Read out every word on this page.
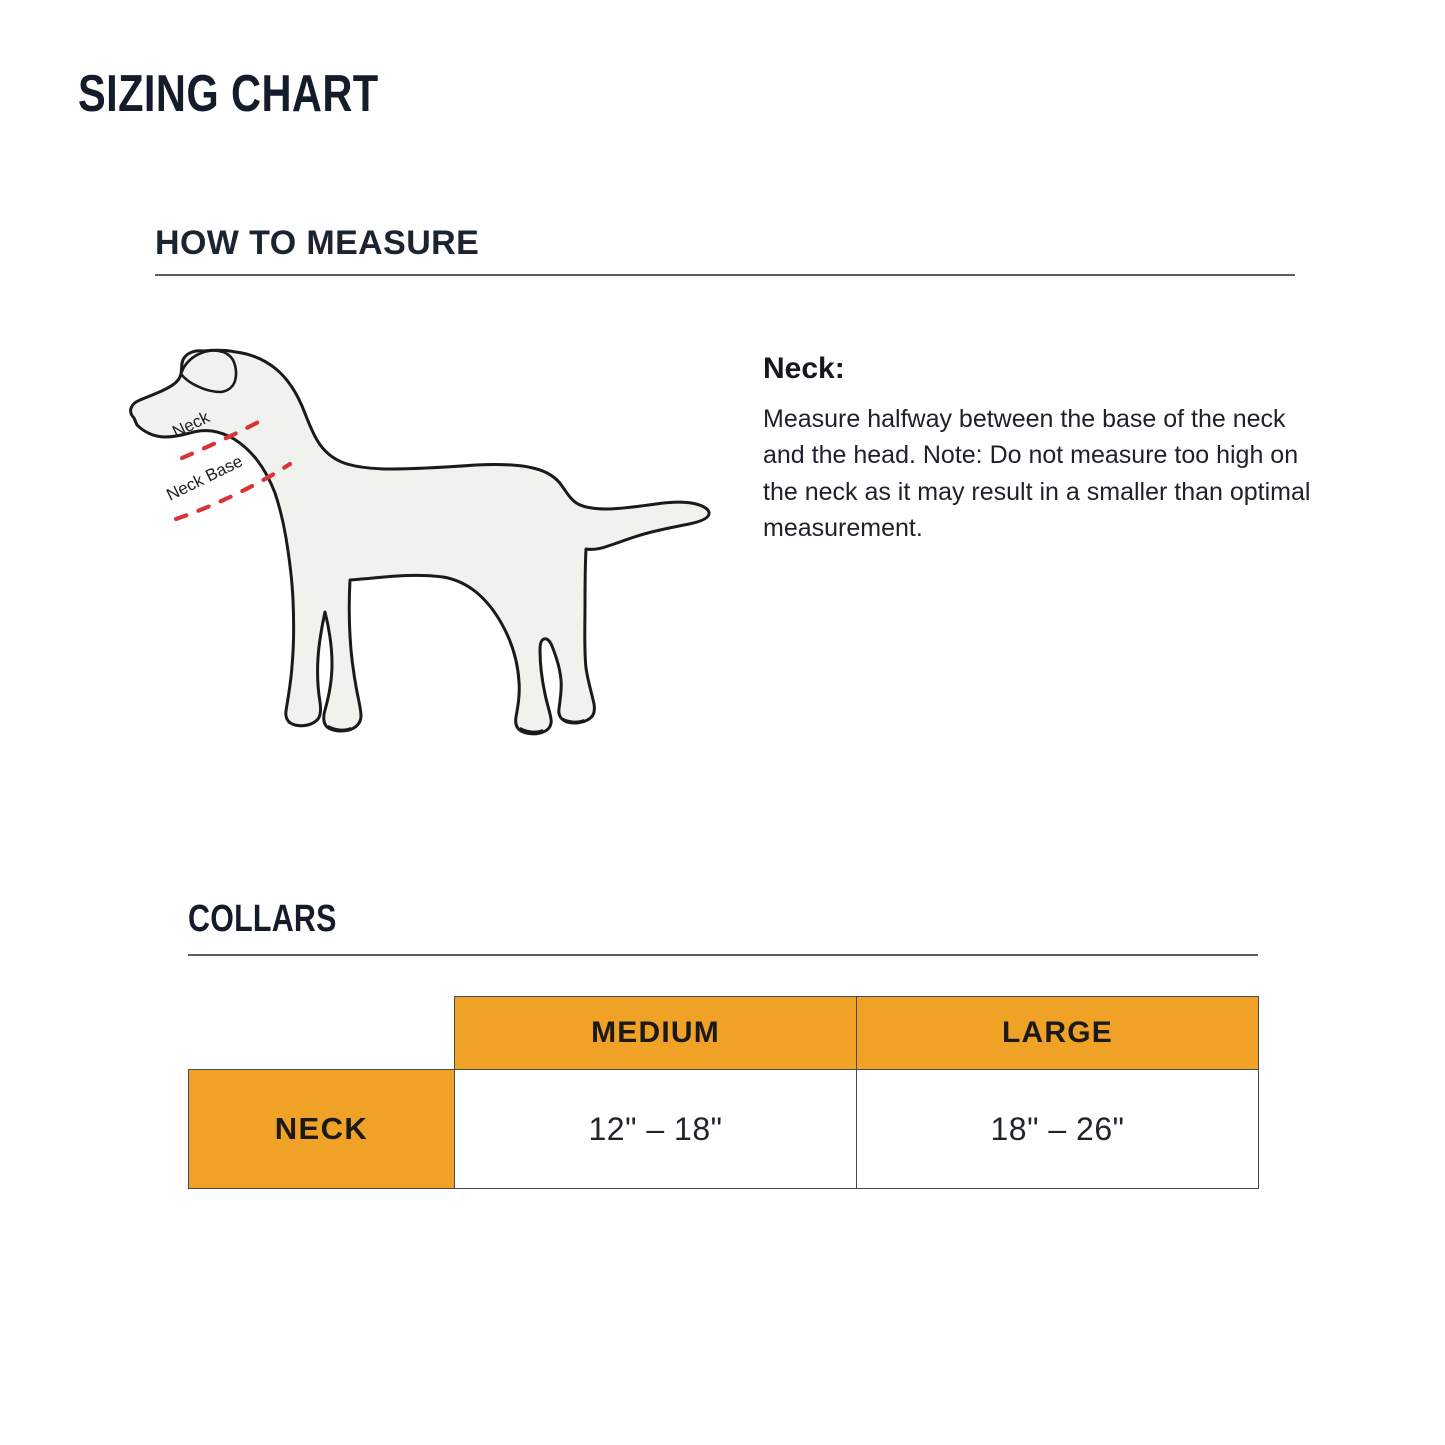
SIZING CHART
HOW TO MEASURE
Neck
Neck Base

Neck:

Measure halfway between the base of the neck and the head. Note: Do not measure too high on the neck as it may result in a smaller than optimal measurement.

COLLARS
	MEDIUM	LARGE
NECK	12" – 18"	18" – 26"
